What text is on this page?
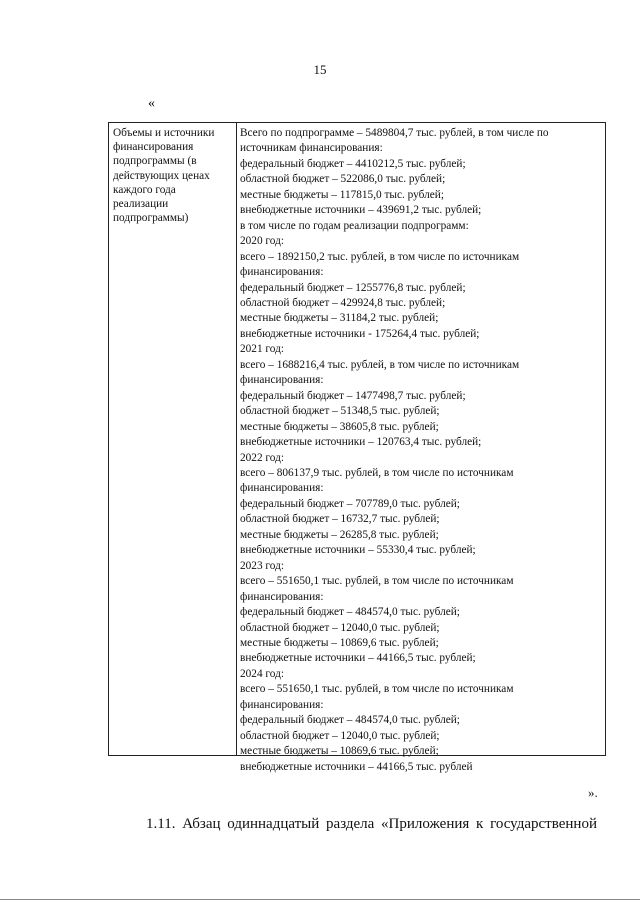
15
«
Объемы и источники
финансирования
подпрограммы (в
действующих ценах
каждого года
реализации
подпрограммы)
Всего по подпрограмме – 5489804,7 тыс. рублей, в том числе по
источникам финансирования:
федеральный бюджет – 4410212,5 тыс. рублей;
областной бюджет – 522086,0 тыс. рублей;
местные бюджеты – 117815,0 тыс. рублей;
внебюджетные источники – 439691,2 тыс. рублей;
в том числе по годам реализации подпрограмм:
2020 год:
всего – 1892150,2 тыс. рублей, в том числе по источникам
финансирования:
федеральный бюджет – 1255776,8 тыс. рублей;
областной бюджет – 429924,8 тыс. рублей;
местные бюджеты – 31184,2 тыс. рублей;
внебюджетные источники - 175264,4 тыс. рублей;
2021 год:
всего – 1688216,4 тыс. рублей, в том числе по источникам
финансирования:
федеральный бюджет – 1477498,7 тыс. рублей;
областной бюджет – 51348,5 тыс. рублей;
местные бюджеты – 38605,8 тыс. рублей;
внебюджетные источники – 120763,4 тыс. рублей;
2022 год:
всего – 806137,9 тыс. рублей, в том числе по источникам
финансирования:
федеральный бюджет – 707789,0 тыс. рублей;
областной бюджет – 16732,7 тыс. рублей;
местные бюджеты – 26285,8 тыс. рублей;
внебюджетные источники – 55330,4 тыс. рублей;
2023 год:
всего – 551650,1 тыс. рублей, в том числе по источникам
финансирования:
федеральный бюджет – 484574,0 тыс. рублей;
областной бюджет – 12040,0 тыс. рублей;
местные бюджеты – 10869,6 тыс. рублей;
внебюджетные источники – 44166,5 тыс. рублей;
2024 год:
всего – 551650,1 тыс. рублей, в том числе по источникам
финансирования:
федеральный бюджет – 484574,0 тыс. рублей;
областной бюджет – 12040,0 тыс. рублей;
местные бюджеты – 10869,6 тыс. рублей;
внебюджетные источники – 44166,5 тыс. рублей
».
1.11. Абзац одиннадцатый раздела «Приложения к государственной
